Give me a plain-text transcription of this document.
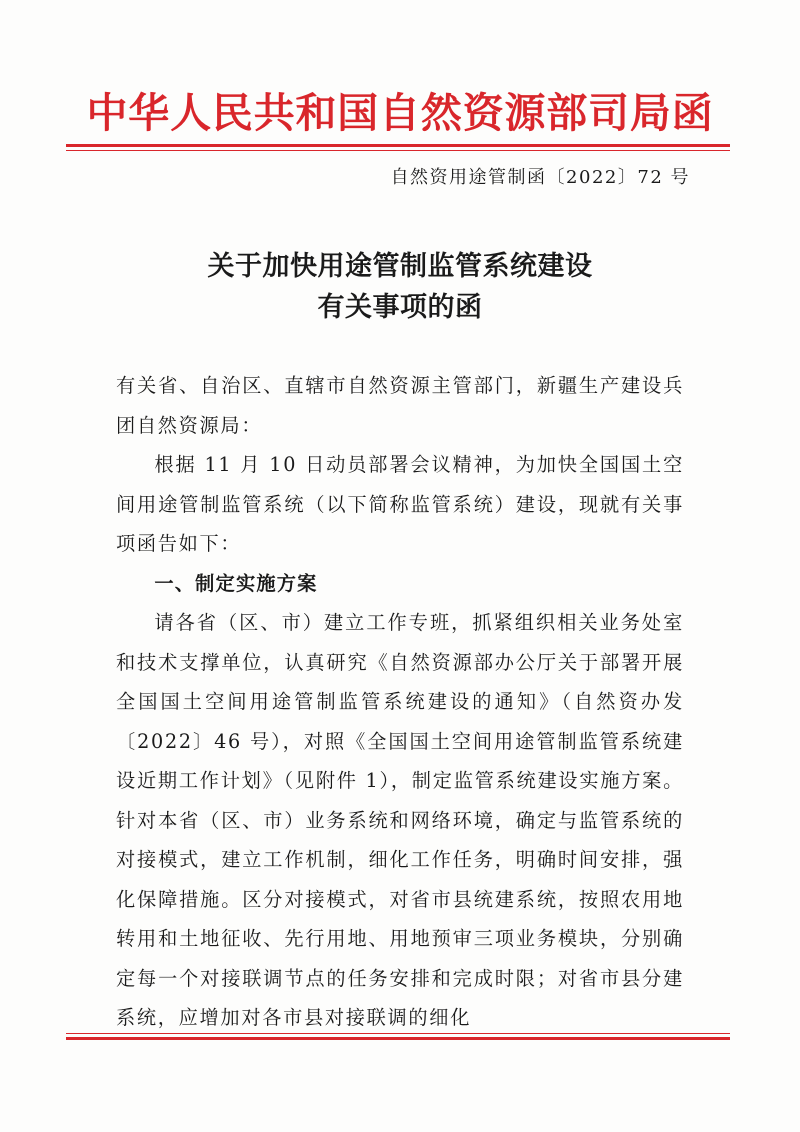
中华人民共和国自然资源部司局函
自然资用途管制函〔2022〕72 号
关于加快用途管制监管系统建设
有关事项的函

有关省、自治区、直辖市自然资源主管部门，新疆生产建设兵团自然资源局：

根据 11 月 10 日动员部署会议精神，为加快全国国土空间用途管制监管系统（以下简称监管系统）建设，现就有关事项函告如下：

一、制定实施方案

请各省（区、市）建立工作专班，抓紧组织相关业务处室和技术支撑单位，认真研究《自然资源部办公厅关于部署开展全国国土空间用途管制监管系统建设的通知》（自然资办发〔2022〕46 号），对照《全国国土空间用途管制监管系统建设近期工作计划》（见附件 1），制定监管系统建设实施方案。针对本省（区、市）业务系统和网络环境，确定与监管系统的对接模式，建立工作机制，细化工作任务，明确时间安排，强化保障措施。区分对接模式，对省市县统建系统，按照农用地转用和土地征收、先行用地、用地预审三项业务模块，分别确定每一个对接联调节点的任务安排和完成时限；对省市县分建系统，应增加对各市县对接联调的细化
